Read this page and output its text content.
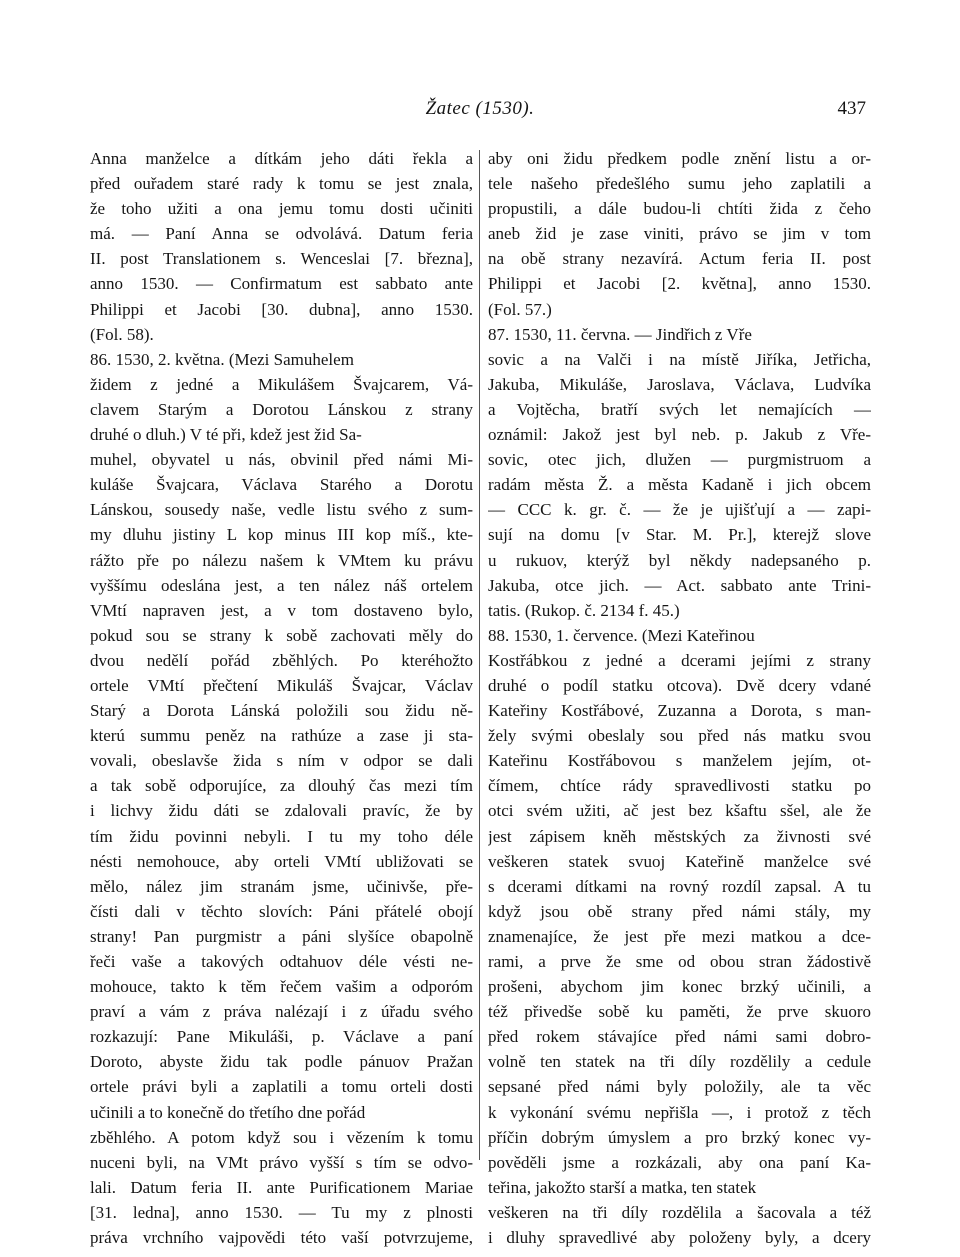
Žatec (1530).	437
Anna manželce a dítkám jeho dáti řekla a
před ouřadem staré rady k tomu se jest znala,
že toho užiti a ona jemu tomu dosti učiniti
má. — Paní Anna se odvolává. Datum feria
II. post Translationem s. Wenceslai [7. března],
anno 1530. — Confirmatum est sabbato ante
Philippi et Jacobi [30. dubna], anno 1530.
(Fol. 58).
86. 1530, 2. května. (Mezi Samuhelem
židem z jedné a Mikulášem Švajcarem, Vá-
clavem Starým a Dorotou Lánskou z strany
druhé o dluh.) V té při, kdež jest žid Sa-
muhel, obyvatel u nás, obvinil před námi Mi-
kuláše Švajcara, Václava Starého a Dorotu
Lánskou, sousedy naše, vedle listu svého z sum-
my dluhu jistiny L kop minus III kop míš., kte-
rážto pře po nálezu našem k VMtem ku právu
vyššímu odeslána jest, a ten nález náš ortelem
VMtí napraven jest, a v tom dostaveno bylo,
pokud sou se strany k sobě zachovati měly do
dvou nedělí pořád zběhlých. Po kteréhožto
ortele VMtí přečtení Mikuláš Švajcar, Václav
Starý a Dorota Lánská položili sou židu ně-
kterú summu peněz na rathúze a zase ji sta-
vovali, obeslavše žida s ním v odpor se dali
a tak sobě odporujíce, za dlouhý čas mezi tím
i lichvy židu dáti se zdalovali pravíc, že by
tím židu povinni nebyli. I tu my toho déle
nésti nemohouce, aby orteli VMtí ubližovati se
mělo, nález jim stranám jsme, učinivše, pře-
čísti dali v těchto slovích: Páni přátelé obojí
strany! Pan purgmistr a páni slyšíce obapolně
řeči vaše a takových odtahuov déle vésti ne-
mohouce, takto k těm řečem vašim a odporóm
praví a vám z práva nalézají i z úřadu svého
rozkazují: Pane Mikuláši, p. Václave a paní
Doroto, abyste židu tak podle pánuov Pražan
ortele právi byli a zaplatili a tomu orteli dosti
učinili a to konečně do třetího dne pořád
zběhlého. A potom když sou i vězením k tomu
nuceni byli, na VMt právo vyšší s tím se odvo-
lali. Datum feria II. ante Purificationem Mariae
[31. ledna], anno 1530. — Tu my z plnosti
práva vrchního vajpovědi této vaší potvrzujeme,
aby oni židu předkem podle znění listu a or-
tele našeho předešlého sumu jeho zaplatili a
propustili, a dále budou-li chtíti žida z čeho
aneb žid je zase viniti, právo se jim v tom
na obě strany nezavírá. Actum feria II. post
Philippi et Jacobi [2. května], anno 1530.
(Fol. 57.)
87. 1530, 11. června. — Jindřich z Vře
sovic a na Valči i na místě Jiříka, Jetřicha,
Jakuba, Mikuláše, Jaroslava, Václava, Ludvíka
a Vojtěcha, bratří svých let nemajících —
oznámil: Jakož jest byl neb. p. Jakub z Vře-
sovic, otec jich, dlužen — purgmistruom a
radám města Ž. a města Kadaně i jich obcem
— CCC k. gr. č. — že je ujišťují a — zapi-
sují na domu [v Star. M. Pr.], kterejž slove
u rukuov, kterýž byl někdy nadepsaného p.
Jakuba, otce jich. — Act. sabbato ante Trini-
tatis. (Rukop. č. 2134 f. 45.)
88. 1530, 1. července. (Mezi Kateřinou
Kostřábkou z jedné a dcerami jejími z strany
druhé o podíl statku otcova). Dvě dcery vdané
Kateřiny Kostřábové, Zuzanna a Dorota, s man-
žely svými obeslaly sou před nás matku svou
Kateřinu Kostřábovou s manželem jejím, ot-
čímem, chtíce rády spravedlivosti statku po
otci svém užiti, ač jest bez kšaftu sšel, ale že
jest zápisem kněh městských za živnosti své
veškeren statek svuoj Kateřině manželce své
s dcerami dítkami na rovný rozdíl zapsal. A tu
když jsou obě strany před námi stály, my
znamenajíce, že jest pře mezi matkou a dce-
rami, a prve že sme od obou stran žádostivě
prošeni, abychom jim konec brzký učinili, a
též přivedše sobě ku paměti, že prve skuoro
před rokem stávajíce před námi sami dobro-
volně ten statek na tři díly rozdělily a cedule
sepsané před námi byly položily, ale ta věc
k vykonání svému nepřišla —, i protož z těch
příčin dobrým úmyslem a pro brzký konec vy-
pověděli jsme a rozkázali, aby ona paní Ka-
teřina, jakožto starší a matka, ten statek
veškeren na tři díly rozdělila a šacovala a též
i dluhy spravedlivé aby položeny byly, a dcery
